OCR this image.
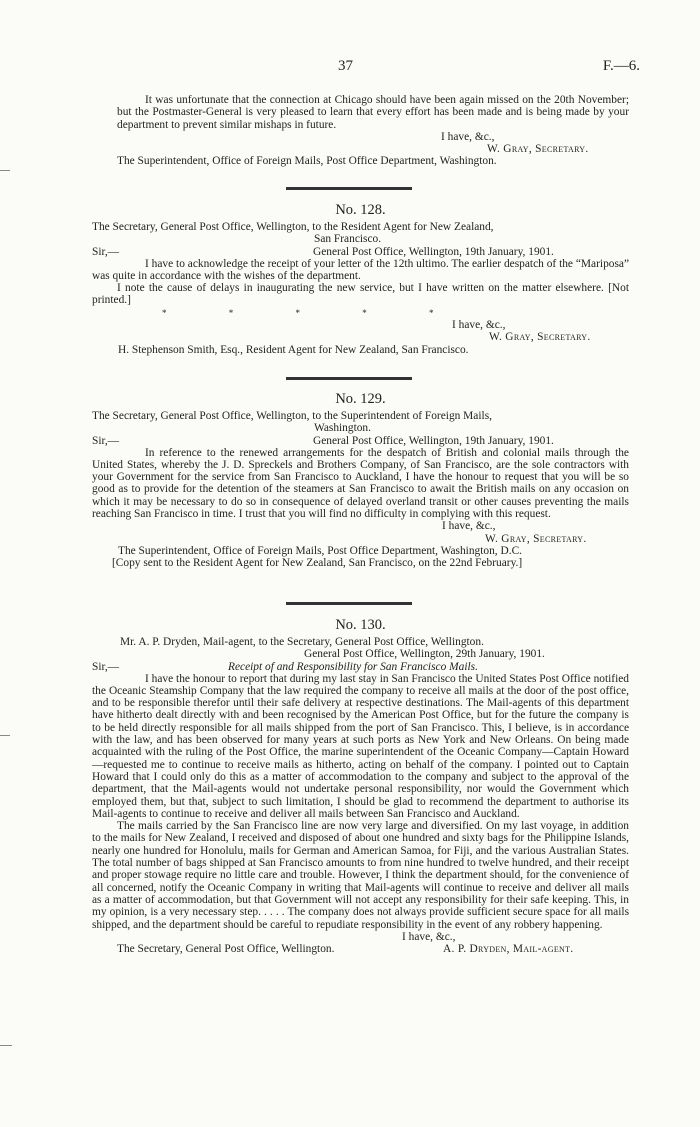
37	F.—6.

It was unfortunate that the connection at Chicago should have been again missed on the 20th November; but the Postmaster-General is very pleased to learn that every effort has been made and is being made by your department to prevent similar mishaps in future.

I have, &c.,

W. Gray, Secretary.

The Superintendent, Office of Foreign Mails, Post Office Department, Washington.

No. 128.

The Secretary, General Post Office, Wellington, to the Resident Agent for New Zealand,

San Francisco.

Sir,—	General Post Office, Wellington, 19th January, 1901.

I have to acknowledge the receipt of your letter of the 12th ultimo. The earlier despatch of the “Mariposa” was quite in accordance with the wishes of the department.

I note the cause of delays in inaugurating the new service, but I have written on the matter elsewhere. [Not printed.]

* * * * *

I have, &c.,

W. Gray, Secretary.

H. Stephenson Smith, Esq., Resident Agent for New Zealand, San Francisco.

No. 129.

The Secretary, General Post Office, Wellington, to the Superintendent of Foreign Mails,

Washington.

Sir,—	General Post Office, Wellington, 19th January, 1901.

In reference to the renewed arrangements for the despatch of British and colonial mails through the United States, whereby the J. D. Spreckels and Brothers Company, of San Francisco, are the sole contractors with your Government for the service from San Francisco to Auckland, I have the honour to request that you will be so good as to provide for the detention of the steamers at San Francisco to await the British mails on any occasion on which it may be necessary to do so in consequence of delayed overland transit or other causes preventing the mails reaching San Francisco in time. I trust that you will find no difficulty in complying with this request.

I have, &c.,

W. Gray, Secretary.

The Superintendent, Office of Foreign Mails, Post Office Department, Washington, D.C.

[Copy sent to the Resident Agent for New Zealand, San Francisco, on the 22nd February.]

No. 130.

Mr. A. P. Dryden, Mail-agent, to the Secretary, General Post Office, Wellington.

General Post Office, Wellington, 29th January, 1901.

Sir,—	Receipt of and Responsibility for San Francisco Mails.

I have the honour to report that during my last stay in San Francisco the United States Post Office notified the Oceanic Steamship Company that the law required the company to receive all mails at the door of the post office, and to be responsible therefor until their safe delivery at respective destinations. The Mail-agents of this department have hitherto dealt directly with and been recognised by the American Post Office, but for the future the company is to be held directly responsible for all mails shipped from the port of San Francisco. This, I believe, is in accordance with the law, and has been observed for many years at such ports as New York and New Orleans. On being made acquainted with the ruling of the Post Office, the marine superintendent of the Oceanic Company—Captain Howard—requested me to continue to receive mails as hitherto, acting on behalf of the company. I pointed out to Captain Howard that I could only do this as a matter of accommodation to the company and subject to the approval of the department, that the Mail-agents would not undertake personal responsibility, nor would the Government which employed them, but that, subject to such limitation, I should be glad to recommend the department to authorise its Mail-agents to continue to receive and deliver all mails between San Francisco and Auckland.

The mails carried by the San Francisco line are now very large and diversified. On my last voyage, in addition to the mails for New Zealand, I received and disposed of about one hundred and sixty bags for the Philippine Islands, nearly one hundred for Honolulu, mails for German and American Samoa, for Fiji, and the various Australian States. The total number of bags shipped at San Francisco amounts to from nine hundred to twelve hundred, and their receipt and proper stowage require no little care and trouble. However, I think the department should, for the convenience of all concerned, notify the Oceanic Company in writing that Mail-agents will continue to receive and deliver all mails as a matter of accommodation, but that Government will not accept any responsibility for their safe keeping. This, in my opinion, is a very necessary step. . . . . The company does not always provide sufficient secure space for all mails shipped, and the department should be careful to repudiate responsibility in the event of any robbery happening.

I have, &c.,

The Secretary, General Post Office, Wellington.	A. P. Dryden, Mail-agent.
